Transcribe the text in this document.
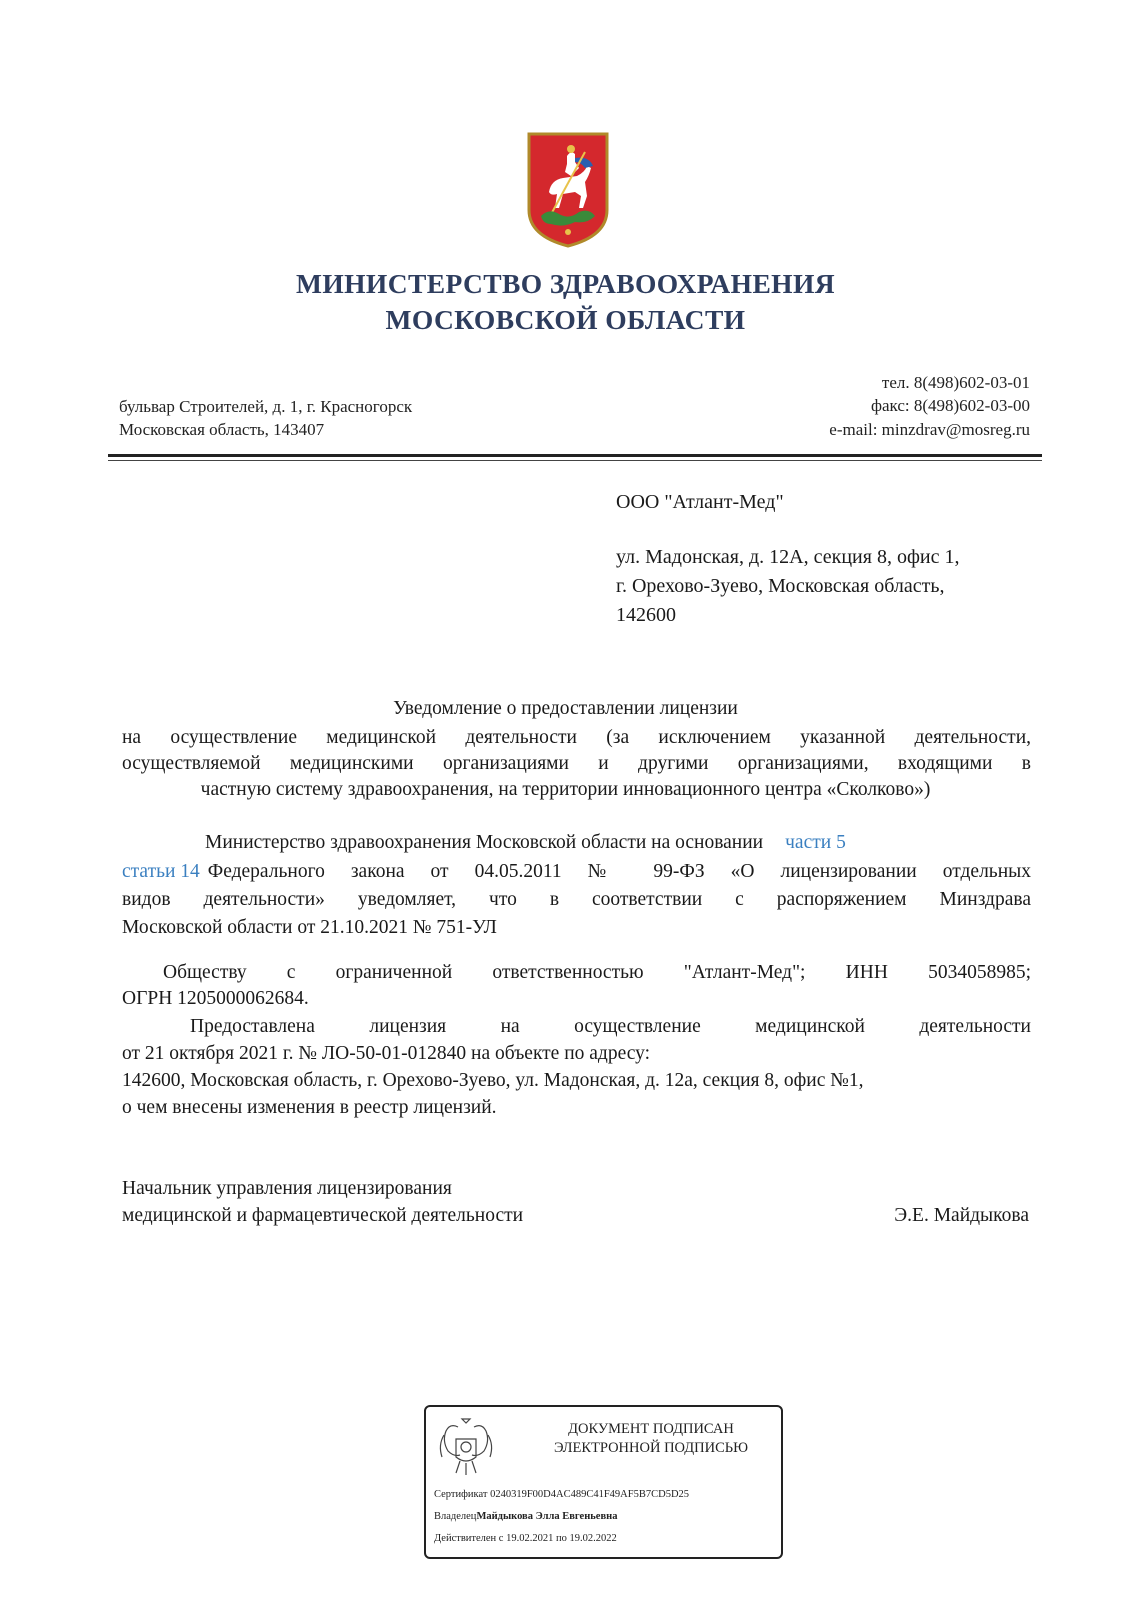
МИНИСТЕРСТВО ЗДРАВООХРАНЕНИЯ
МОСКОВСКОЙ ОБЛАСТИ
бульвар Строителей, д. 1, г. Красногорск
Московская область, 143407
тел. 8(498)602-03-01
факс: 8(498)602-03-00
e-mail: minzdrav@mosreg.ru
ООО "Атлант-Мед"
ул. Мадонская, д. 12А, секция 8, офис 1,
г. Орехово-Зуево, Московская область,
142600
Уведомление о предоставлении лицензии
на осуществление медицинской деятельности (за исключением указанной деятельности,
осуществляемой медицинскими организациями и другими организациями, входящими в
частную систему здравоохранения, на территории инновационного центра «Сколково»)
Министерство здравоохранения Московской области на основании части 5
статьи 14 Федерального закона от 04.05.2011 № 99-ФЗ «О лицензировании отдельных
видов деятельности» уведомляет, что в соответствии с распоряжением Минздрава
Московской области от 21.10.2021 № 751-УЛ
Обществу с ограниченной ответственностью "Атлант-Мед"; ИНН 5034058985;
ОГРН 1205000062684.
Предоставлена лицензия на осуществление медицинской деятельности
от 21 октября 2021 г. № ЛО-50-01-012840 на объекте по адресу:
142600, Московская область, г. Орехово-Зуево, ул. Мадонская, д. 12а, секция 8, офис №1,
о чем внесены изменения в реестр лицензий.
Начальник управления лицензирования
медицинской и фармацевтической деятельности	Э.Е. Майдыкова
ДОКУМЕНТ ПОДПИСАН
ЭЛЕКТРОННОЙ ПОДПИСЬЮ
Сертификат 0240319F00D4AC489C41F49AF5B7CD5D25
ВладелецМайдыкова Элла Евгеньевна
Действителен с 19.02.2021 по 19.02.2022
